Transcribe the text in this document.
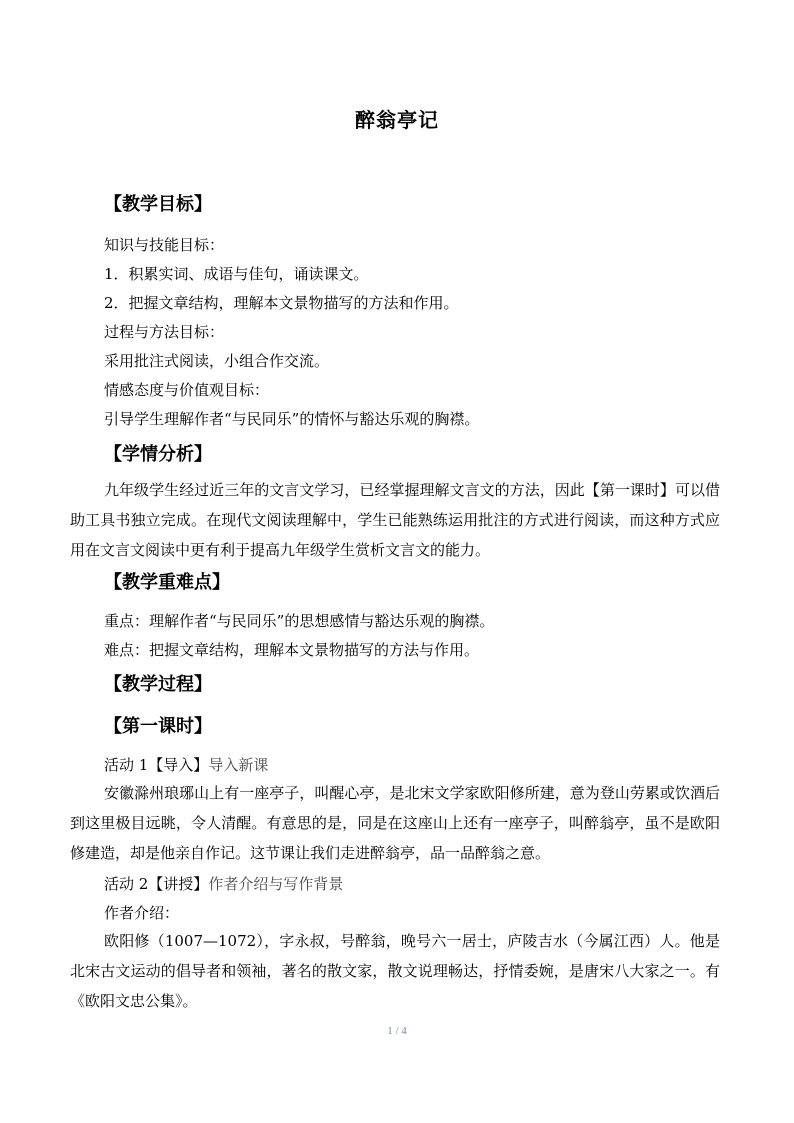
醉翁亭记
【教学目标】
知识与技能目标：
1．积累实词、成语与佳句，诵读课文。
2．把握文章结构，理解本文景物描写的方法和作用。
过程与方法目标：
采用批注式阅读，小组合作交流。
情感态度与价值观目标：
引导学生理解作者“与民同乐”的情怀与豁达乐观的胸襟。
【学情分析】
九年级学生经过近三年的文言文学习，已经掌握理解文言文的方法，因此【第一课时】可以借助工具书独立完成。在现代文阅读理解中，学生已能熟练运用批注的方式进行阅读，而这种方式应用在文言文阅读中更有利于提高九年级学生赏析文言文的能力。
【教学重难点】
重点：理解作者“与民同乐”的思想感情与豁达乐观的胸襟。
难点：把握文章结构，理解本文景物描写的方法与作用。
【教学过程】
【第一课时】
活动 1【导入】导入新课
安徽滁州琅琊山上有一座亭子，叫醒心亭，是北宋文学家欧阳修所建，意为登山劳累或饮酒后到这里极目远眺，令人清醒。有意思的是，同是在这座山上还有一座亭子，叫醉翁亭，虽不是欧阳修建造，却是他亲自作记。这节课让我们走进醉翁亭，品一品醉翁之意。
活动 2【讲授】作者介绍与写作背景
作者介绍：
欧阳修（1007—1072），字永叔，号醉翁，晚号六一居士，庐陵吉水（今属江西）人。他是北宋古文运动的倡导者和领袖，著名的散文家，散文说理畅达，抒情委婉，是唐宋八大家之一。有《欧阳文忠公集》。
1 / 4
